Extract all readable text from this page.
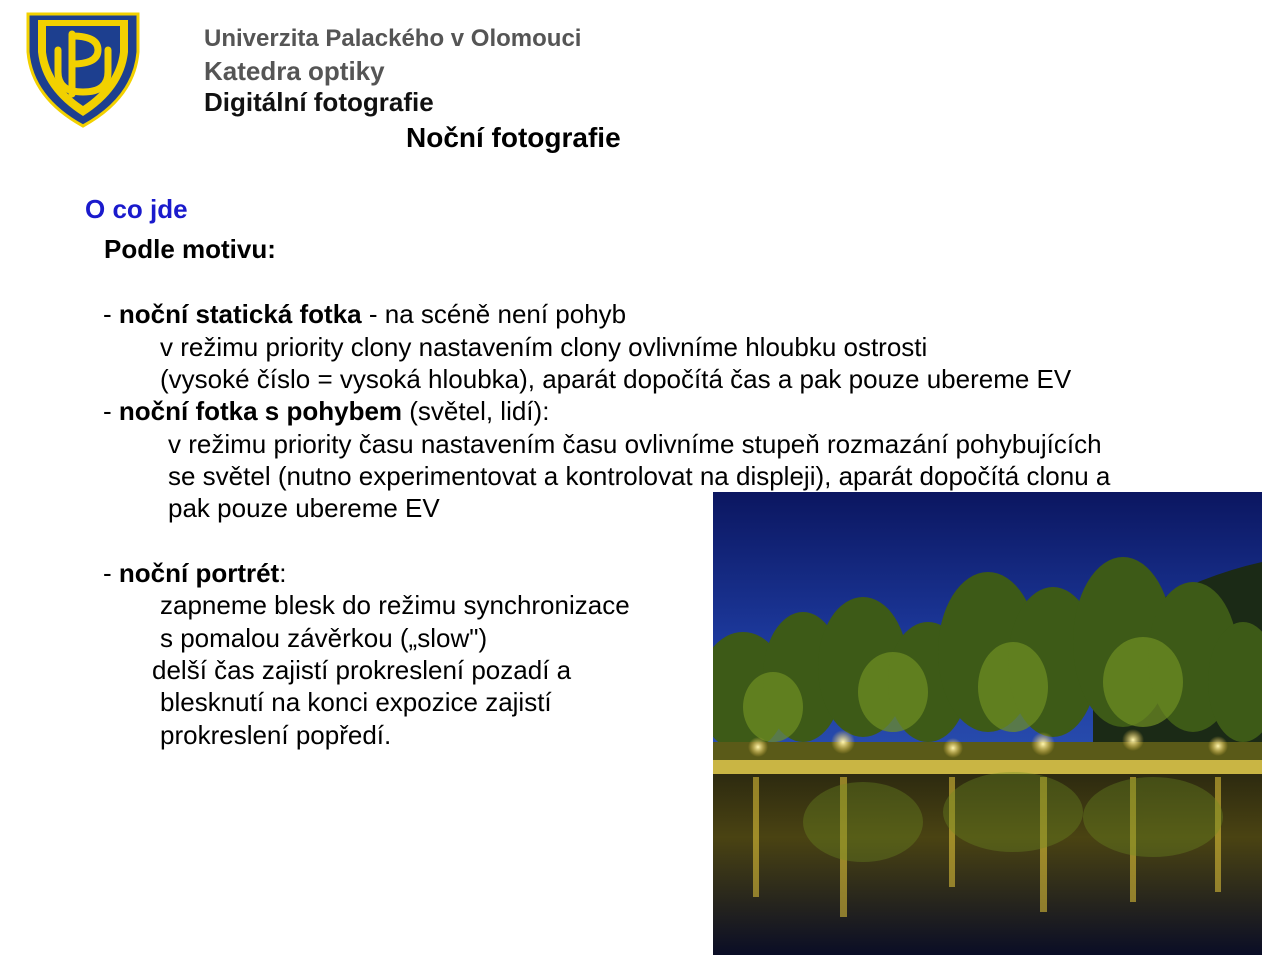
Univerzita Palackého v Olomouci
Katedra optiky
Digitální fotografie
Noční fotografie
O co jde
Podle motivu:
- noční statická fotka - na scéně není pohyb
v režimu priority clony nastavením clony ovlivníme hloubku ostrosti
(vysoké číslo = vysoká hloubka), aparát dopočítá čas a pak pouze ubereme EV
- noční fotka s pohybem (světel, lidí):
v režimu priority času nastavením času ovlivníme stupeň rozmazání pohybujících
se světel (nutno experimentovat a kontrolovat na displeji), aparát dopočítá clonu a
pak pouze ubereme EV
- noční portrét:
zapneme blesk do režimu synchronizace
s pomalou závěrkou („slow")
delší čas zajistí prokreslení pozadí a
blesknutí na konci expozice zajistí
prokreslení popředí.
